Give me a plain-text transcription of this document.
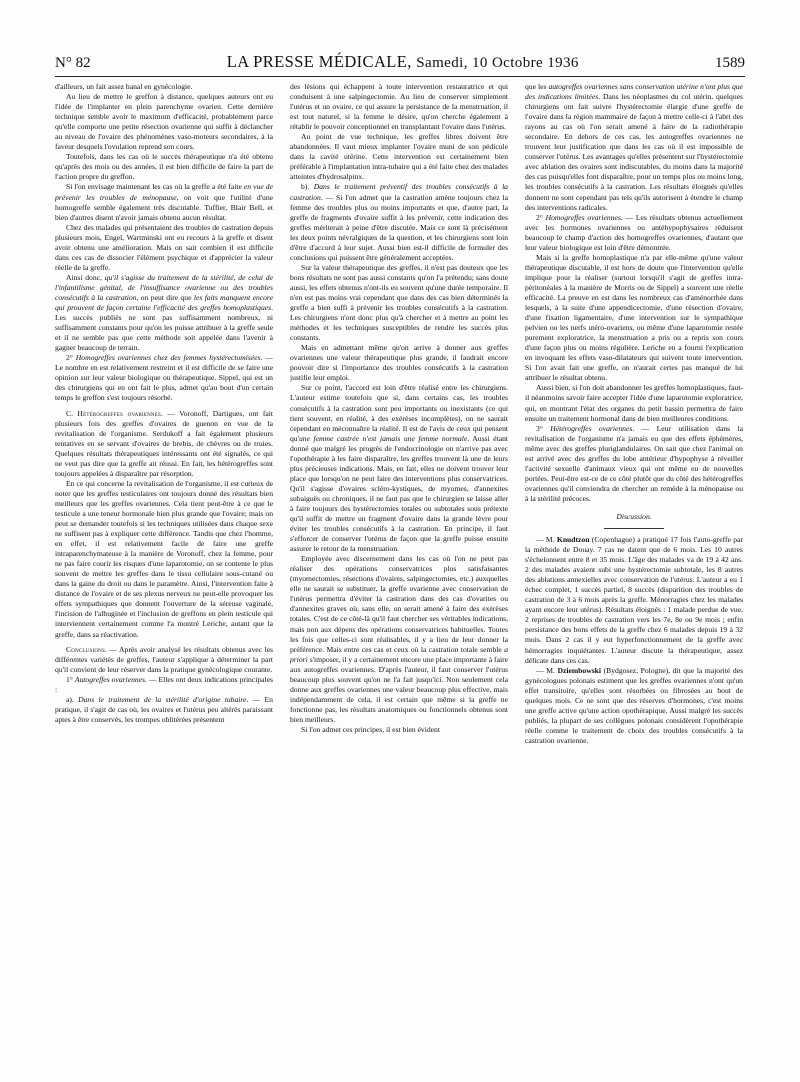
N° 82	LA PRESSE MÉDICALE, Samedi, 10 Octobre 1936	1589

d'ailleurs, un fait assez banal en gynécologie.

Au lieu de mettre le greffon à distance, quelques auteurs ont eu l'idée de l'implanter en plein parenchyme ovarien. Cette dernière technique semble avoir le maximum d'efficacité, probablement parce qu'elle comporte une petite résection ovarienne qui suffit à déclancher au niveau de l'ovaire des phénomènes vaso-moteurs secondaires, à la faveur desquels l'ovulation reprend son cours.

Toutefois, dans les cas où le succès thérapeutique n'a été obtenu qu'après des mois ou des années, il est bien difficile de faire la part de l'action propre du greffon.

Si l'on envisage maintenant les cas où la greffe a été faite en vue de prévenir les troubles de ménopause, on voit que l'utilité d'une homogreffe semble également très discutable. Tuffier, Blair Bell, et bien d'autres disent n'avoir jamais obtenu aucun résultat.

Chez des malades qui présentaient des troubles de castration depuis plusieurs mois, Engel, Wartminski ont eu recours à la greffe et disent avoir obtenu une amélioration. Mais on sait combien il est difficile dans ces cas de dissocier l'élément psychique et d'apprécier la valeur réelle de la greffe.

Ainsi donc, qu'il s'agisse du traitement de la stérilité, de celui de l'infantilisme génital, de l'insuffisance ovarienne ou des troubles consécutifs à la castration, on peut dire que les faits manquent encore qui prouvent de façon certaine l'efficacité des greffes homoplastiques. Les succès publiés ne sont pas suffisamment nombreux, ni suffisamment constants pour qu'on les puisse attribuer à la greffe seule et il ne semble pas que cette méthode soit appelée dans l'avenir à gagner beaucoup de terrain.

2° Homogreffes ovariennes chez des femmes hystérectomisées. — Le nombre en est relativement restreint et il est difficile de se faire une opinion sur leur valeur biologique ou thérapeutique. Sippel, qui est un des chirurgiens qui en ont fait le plus, admet qu'au bout d'un certain temps le greffon s'est toujours résorbé.

C. Hétérogreffes ovariennes. — Voronoff, Dartigues, ont fait plusieurs fois des greffes d'ovaires de guenon en vue de la revitalisation de l'organisme. Serdukoff a fait également plusieurs tentatives en se servant d'ovaires de brebis, de chèvres ou de truies. Quelques résultats thérapeutiques intéressants ont été signalés, ce qui ne veut pas dire que la greffe ait réussi. En fait, les hétérogreffes sont toujours appelées à disparaître par résorption.

En ce qui concerne la revitalisation de l'organisme, il est curieux de noter que les greffes testiculaires ont toujours donné des résultats bien meilleurs que les greffes ovariennes. Cela tient peut-être à ce que le testicule a une teneur hormonale bien plus grande que l'ovaire; mais on peut se demander toutefois si les techniques utilisées dans chaque sexe ne suffisent pas à expliquer cette différence. Tandis que chez l'homme, en effet, il est relativement facile de faire une greffe intraparenchymateuse à la manière de Voronoff, chez la femme, pour ne pas faire courir les risques d'une laparotomie, on se contente le plus souvent de mettre les greffes dans le tissu cellulaire sous-cutané ou dans la gaine du droit ou dans le paramètre. Ainsi, l'intervention faite à distance de l'ovaire et de ses plexus nerveux ne peut-elle provoquer les effets sympathiques que donnent l'ouverture de la séreuse vaginale, l'incision de l'albuginée et l'inclusion de greffons en plein testicule qui interviennent certainement comme l'a montré Leriche, autant que la greffe, dans sa réactivation.

Conclusions. — Après avoir analysé les résultats obtenus avec les différentes variétés de greffes, l'auteur s'applique à déterminer la part qu'il convient de leur réserver dans la pratique gynécologique courante.

1° Autogreffes ovariennes. — Elles ont deux indications principales :

a). Dans le traitement de la stérilité d'origine tubaire. — En pratique, il s'agit de cas où, les ovaires et l'utérus peu altérés paraissant aptes à être conservés, les trompes oblitérées présentent

des lésions qui échappent à toute intervention restauratrice et qui conduisent à une salpingectomie. Au lieu de conserver simplement l'utérus et un ovaire, ce qui assure la persistance de la menstruation, il est tout naturel, si la femme le désire, qu'on cherche également à rétablir le pouvoir conceptionnel en transplantant l'ovaire dans l'utérus.

Au point de vue technique, les greffes libres doivent être abandonnées. Il vaut mieux implanter l'ovaire muni de son pédicule dans la cavité utérine. Cette intervention est certainement bien préférable à l'implantation intra-tubaire qui a été faite chez des malades atteintes d'hydrosalpinx.

b). Dans le traitement préventif des troubles consécutifs à la castration. — Si l'on admet que la castration amène toujours chez la femme des troubles plus ou moins importants et que, d'autre part, la greffe de fragments d'ovaire suffit à les prévenir, cette indication des greffes mériterait à peine d'être discutée. Mais ce sont là précisément les deux points névralgiques de la question, et les chirurgiens sont loin d'être d'accord à leur sujet. Aussi bien est-il difficile de formuler des conclusions qui puissent être généralement acceptées.

Sur la valeur thérapeutique des greffes, il n'est pas douteux que les bons résultats ne sont pas aussi constants qu'on l'a prétendu; sans doute aussi, les effets obtenus n'ont-ils eu souvent qu'une durée temporaire. Il n'en est pas moins vrai cependant que dans des cas bien déterminés la greffe a bien suffi à prévenir les troubles consécutifs à la castration. Les chirurgiens n'ont donc plus qu'à chercher et à mettre au point les méthodes et les techniques susceptibles de rendre les succès plus constants.

Mais en admettant même qu'on arrive à donner aux greffes ovariennes une valeur thérapeutique plus grande, il faudrait encore pouvoir dire si l'importance des troubles consécutifs à la castration justifie leur emploi.

Sur ce point, l'accord est loin d'être réalisé entre les chirurgiens. L'auteur estime toutefois que si, dans certains cas, les troubles consécutifs à la castration sont peu importants ou inexistants (ce qui tient souvent, en réalité, à des exérèses incomplètes), on ne saurait cependant en méconnaître la réalité. Il est de l'avis de ceux qui pensent qu'une femme castrée n'est jamais une femme normale. Aussi étant donné que malgré les progrès de l'endocrinologie on n'arrive pas avec l'opothérapie à les faire disparaître, les greffes trouvent là une de leurs plus précieuses indications. Mais, en fait, elles ne doivent trouver leur place que lorsqu'on ne peut faire des interventions plus conservatrices. Qu'il s'agisse d'ovaires scléro-kystiques, de myomes, d'annexites subaiguës ou chroniques, il ne faut pas que le chirurgien se laisse aller à faire toujours des hystérectomies totales ou subtotales sous prétexte qu'il suffit de mettre un fragment d'ovaire dans la grande lèvre pour éviter les troubles consécutifs à la castration. En principe, il faut s'efforcer de conserver l'utérus de façon que la greffe puisse ensuite assurer le retour de la menstruation.

Employée avec discernement dans les cas où l'on ne peut pas réaliser des opérations conservatrices plus satisfaisantes (myomectomies, résections d'ovaires, salpingectomies, etc.) auxquelles elle ne saurait se substituer, la greffe ovarienne avec conservation de l'utérus permettra d'éviter la castration dans des cas d'ovarites ou d'annexites graves où, sans elle, on serait amené à faire des exérèses totales. C'est de ce côté-là qu'il faut chercher ses véritables indications, mais non aux dépens des opérations conservatrices habituelles. Toutes les fois que celles-ci sont réalisables, il y a lieu de leur donner la préférence. Mais entre ces cas et ceux où la castration totale semble a priori s'imposer, il y a certainement encore une place importante à faire aux autogreffes ovariennes. D'après l'auteur, il faut conserver l'utérus beaucoup plus souvent qu'on ne l'a fait jusqu'ici. Non seulement cela donne aux greffes ovariennes une valeur beaucoup plus effective, mais indépendamment de cela, il est certain que même si la greffe ne fonctionne pas, les résultats anatomiques ou fonctionnels obtenus sont bien meilleurs.

Si l'on admet ces principes, il est bien évident

que les autogreffes ovariennes sans conservation utérine n'ont plus que des indications limitées. Dans les néoplasmes du col utérin, quelques chirurgiens ont fait suivre l'hystérectomie élargie d'une greffe de l'ovaire dans la région mammaire de façon à mettre celle-ci à l'abri des rayons au cas où l'on serait amené à faire de la radiothérapie secondaire. En dehors de ces cas, les autogreffes ovariennes ne trouvent leur justification que dans les cas où il est impossible de conserver l'utérus. Les avantages qu'elles présentent sur l'hystérectomie avec ablation des ovaires sont indiscutables, du moins dans la majorité des cas puisqu'elles font disparaître, pour un temps plus ou moins long, les troubles consécutifs à la castration. Les résultats éloignés qu'elles donnent ne sont cependant pas tels qu'ils autorisent à étendre le champ des interventions radicales.

2° Homogreffes ovariennes. — Les résultats obtenus actuellement avec les hormones ovariennes ou antéhypophysaires réduisent beaucoup le champ d'action des homogreffes ovariennes, d'autant que leur valeur biologique est loin d'être démontrée.

Mais si la greffe homoplastique n'a par elle-même qu'une valeur thérapeutique discutable, il est hors de doute que l'intervention qu'elle implique pour la réaliser (surtout lorsqu'il s'agit de greffes intra-péritonéales à la manière de Morris ou de Sippel) a souvent une réelle efficacité. La preuve en est dans les nombreux cas d'aménorrhée dans lesquels, à la suite d'une appendicectomie, d'une résection d'ovaire, d'une fixation ligamentaire, d'une intervention sur le sympathique pelvien ou les nerfs utéro-ovariens, ou même d'une laparotomie restée purement exploratrice, la menstruation a pris ou a repris son cours d'une façon plus ou moins régulière. Leriche en a fourni l'explication en invoquant les effets vaso-dilatateurs qui suivent toute intervention. Si l'on avait fait une greffe, on n'aurait certes pas manqué de lui attribuer le résultat obtenu.

Aussi bien, si l'on doit abandonner les greffes homoplastiques, faut-il néanmoins savoir faire accepter l'idée d'une laparotomie exploratrice, qui, en montrant l'état des organes du petit bassin permettra de faire ensuite un traitement hormonal dans de bien meilleures conditions.

3° Hétérogreffes ovariennes. — Leur utilisation dans la revitalisation de l'organisme n'a jamais eu que des effets éphémères, même avec des greffes pluriglandulaires. On sait que chez l'animal on est arrivé avec des greffes du lobe antérieur d'hypophyse à réveiller l'activité sexuelle d'animaux vieux qui ont même eu de nouvelles portées. Peut-être est-ce de ce côté plutôt que du côté des hétérogreffes ovariennes qu'il conviendra de chercher un remède à la ménopause ou à la stérilité précoces.

Discussion.

— M. Knudtzon (Copenhague) a pratiqué 17 fois l'auto-greffe par la méthode de Douay. 7 cas ne datent que de 6 mois. Les 10 autres s'échelonnent entre 8 et 35 mois. L'âge des malades va de 19 à 42 ans. 2 des malades avaient subi une hystérectomie subtotale, les 8 autres des ablations annexielles avec conservation de l'utérus. L'auteur a eu 1 échec complet, 1 succès partiel, 8 succès (disparition des troubles de castration de 3 à 6 mois après la greffe. Ménorragies chez les malades ayant encore leur utérus). Résultats éloignés : 1 malade perdue de vue, 2 reprises de troubles de castration vers les 7e, 8e ou 9e mois ; enfin persistance des bons effets de la greffe chez 6 malades depuis 19 à 32 mois. Dans 2 cas il y eut hyperfonctionnement de la greffe avec hémorragies inquiétantes. L'auteur discute la thérapeutique, assez délicate dans ces cas.

— M. Dziembowski (Bydgosez, Pologne), dit que la majorité des gynécologues polonais estiment que les greffes ovariennes n'ont qu'un effet transitoire, qu'elles sont résorbées ou fibrosées au bout de quelques mois. Ce ne sont que des réserves d'hormones, c'est moins une greffe active qu'une action opothérapique. Aussi malgré les succès publiés, la plupart de ses collègues polonais considèrent l'opothérapie réelle comme le traitement de choix des troubles consécutifs à la castration ovarienne.
